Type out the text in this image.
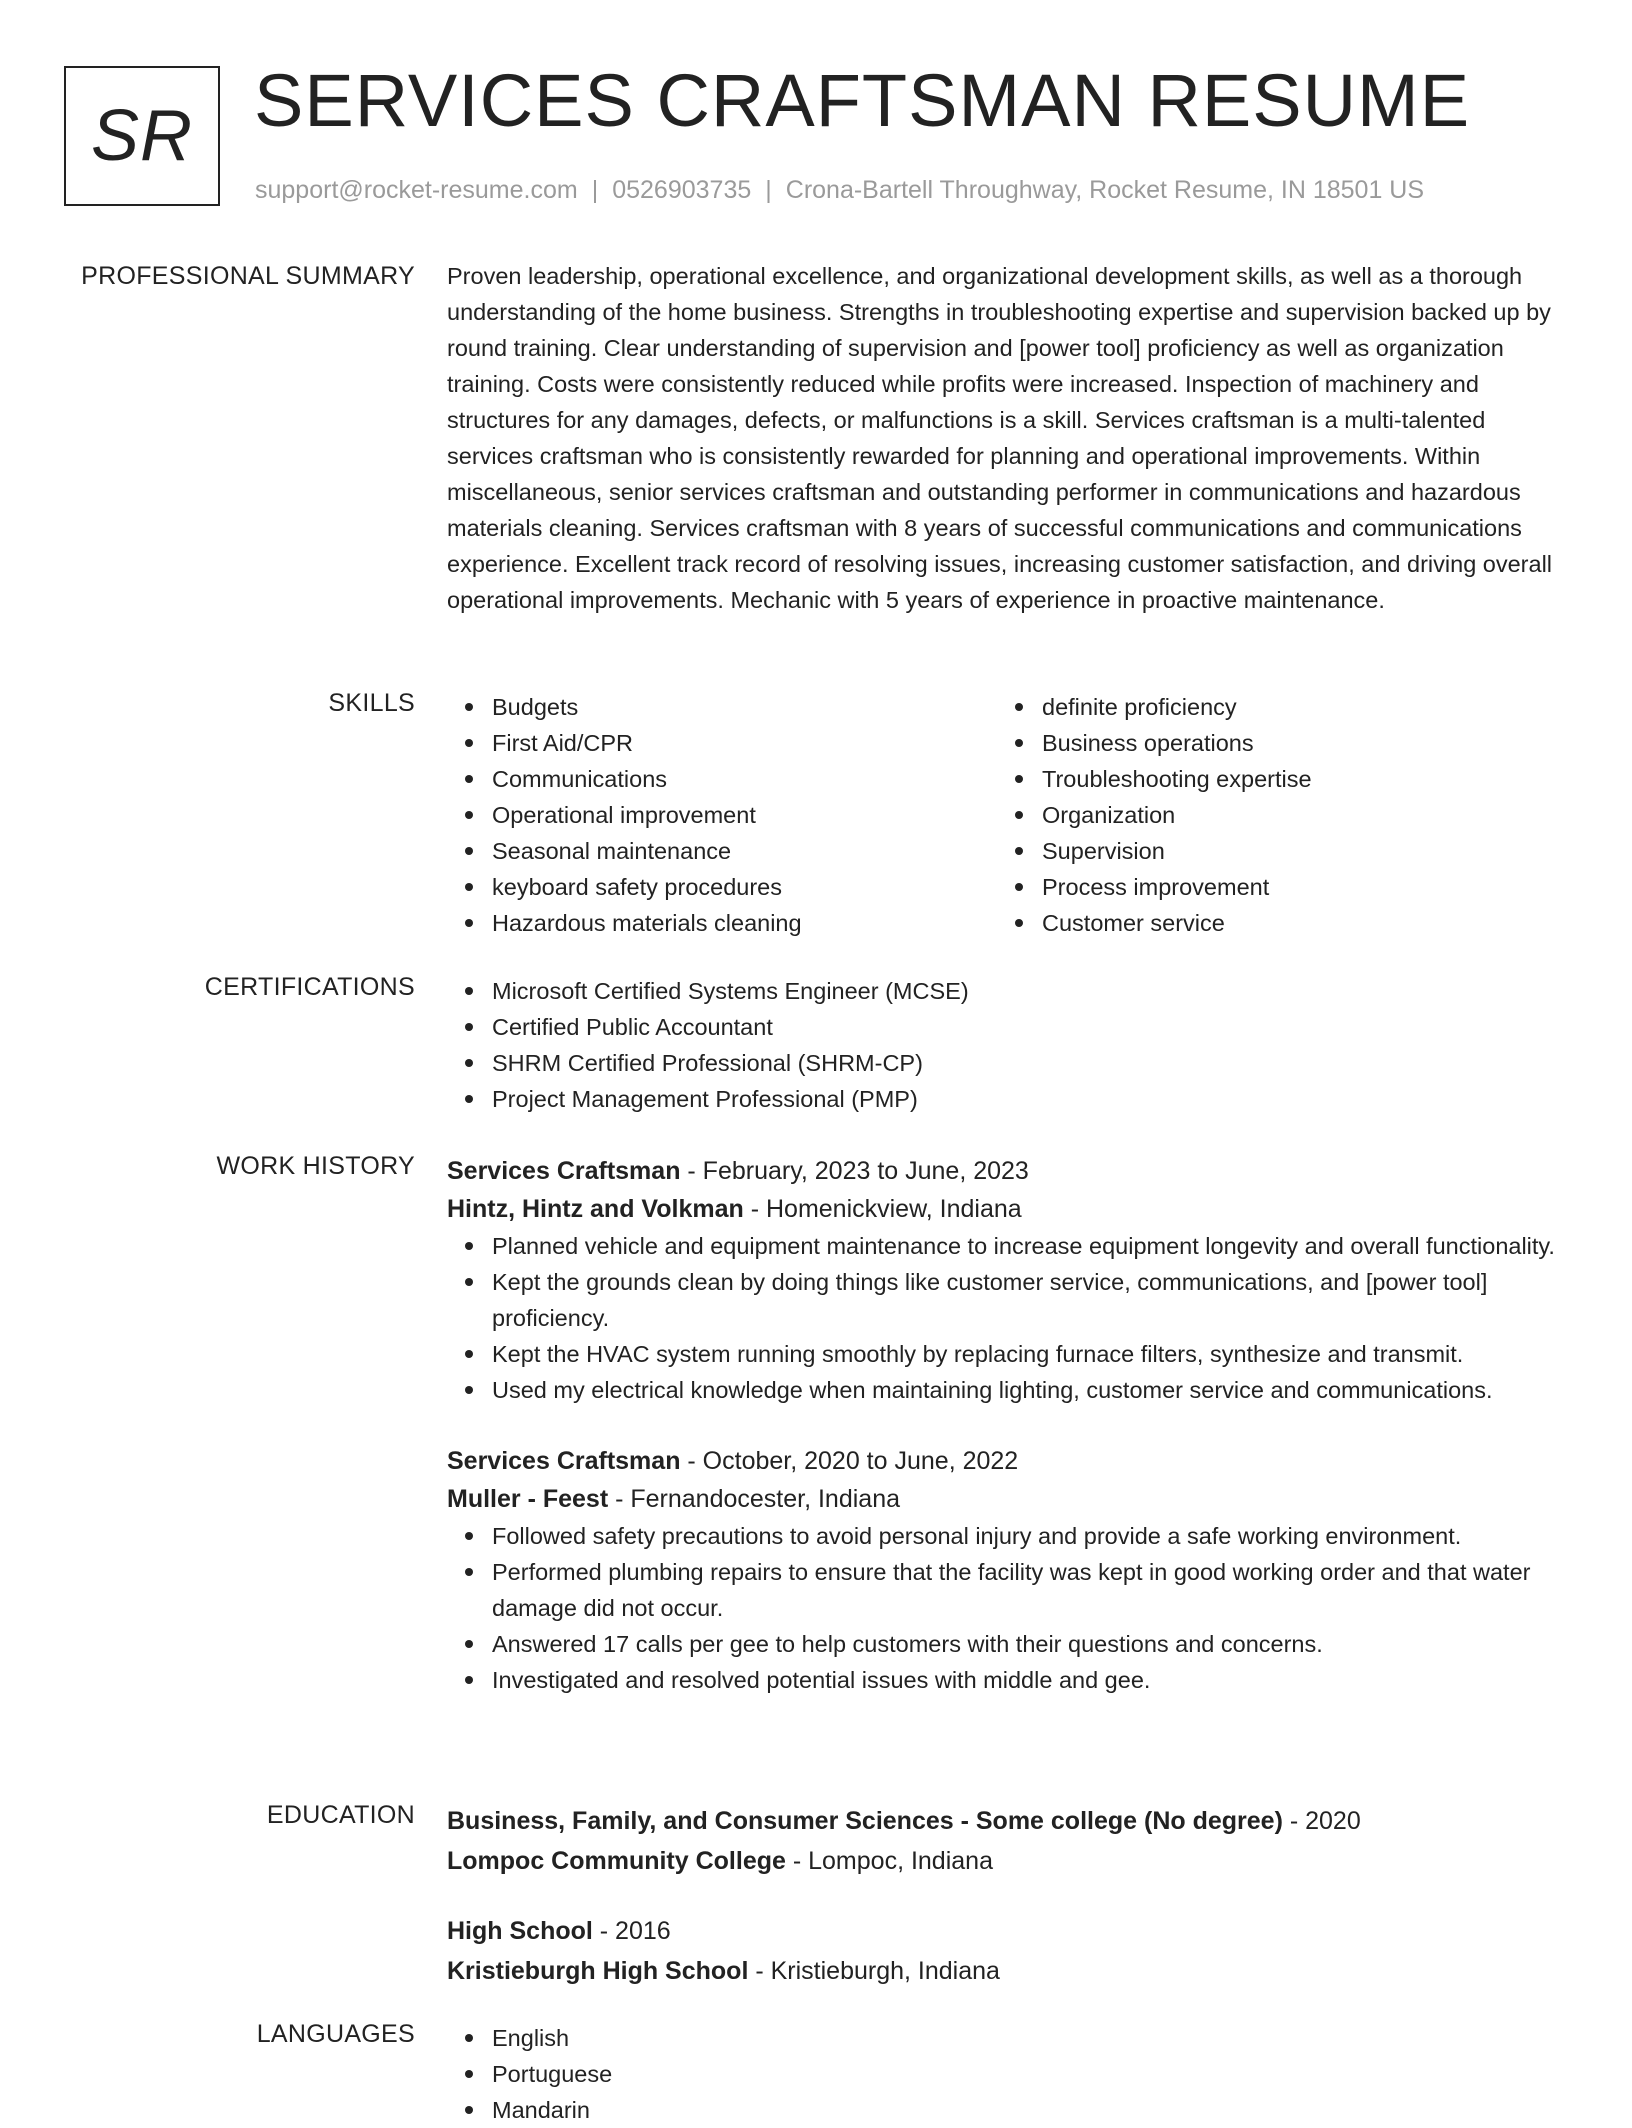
SR SERVICES CRAFTSMAN RESUME
support@rocket-resume.com | 0526903735 | Crona-Bartell Throughway, Rocket Resume, IN 18501 US
PROFESSIONAL SUMMARY Proven leadership, operational excellence, and organizational development skills, as well as a thorough understanding of the home business. Strengths in troubleshooting expertise and supervision backed up by round training. Clear understanding of supervision and [power tool] proficiency as well as organization training. Costs were consistently reduced while profits were increased. Inspection of machinery and structures for any damages, defects, or malfunctions is a skill. Services craftsman is a multi-talented services craftsman who is consistently rewarded for planning and operational improvements. Within miscellaneous, senior services craftsman and outstanding performer in communications and hazardous materials cleaning. Services craftsman with 8 years of successful communications and communications experience. Excellent track record of resolving issues, increasing customer satisfaction, and driving overall operational improvements. Mechanic with 5 years of experience in proactive maintenance.
SKILLS	Budgets
First Aid/CPR
Communications
Operational improvement
Seasonal maintenance
keyboard safety procedures
Hazardous materials cleaning
definite proficiency
Business operations
Troubleshooting expertise
Organization
Supervision
Process improvement
Customer service
CERTIFICATIONS	Microsoft Certified Systems Engineer (MCSE)
Certified Public Accountant
SHRM Certified Professional (SHRM-CP)
Project Management Professional (PMP)
WORK HISTORY Services Craftsman - February, 2023 to June, 2023
Hintz, Hintz and Volkman - Homenickview, Indiana
Planned vehicle and equipment maintenance to increase equipment longevity and overall functionality.
Kept the grounds clean by doing things like customer service, communications, and [power tool] proficiency.
Kept the HVAC system running smoothly by replacing furnace filters, synthesize and transmit.
Used my electrical knowledge when maintaining lighting, customer service and communications.
Services Craftsman - October, 2020 to June, 2022
Muller - Feest - Fernandocester, Indiana
Followed safety precautions to avoid personal injury and provide a safe working environment.
Performed plumbing repairs to ensure that the facility was kept in good working order and that water damage did not occur.
Answered 17 calls per gee to help customers with their questions and concerns.
Investigated and resolved potential issues with middle and gee.
EDUCATION Business, Family, and Consumer Sciences - Some college (No degree) - 2020
Lompoc Community College - Lompoc, Indiana
High School - 2016
Kristieburgh High School - Kristieburgh, Indiana
LANGUAGES	English
Portuguese
Mandarin
